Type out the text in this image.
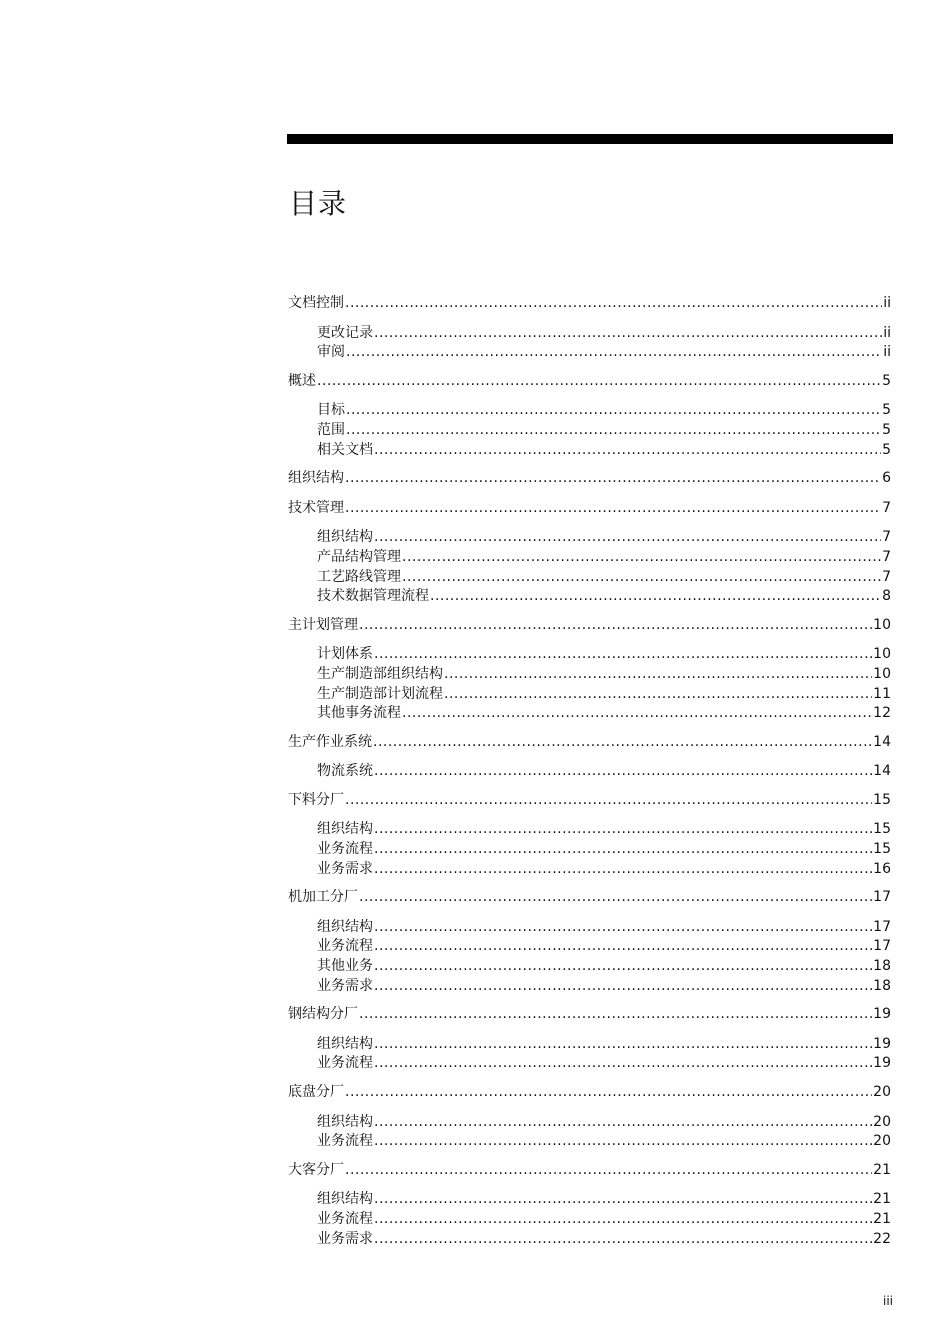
目录
文档控制 .....	ii
更改记录 .....	ii
审阅 .....	ii
概述 .....	5
目标 .....	5
范围 .....	5
相关文档 .....	5
组织结构 .....	6
技术管理 .....	7
组织结构 .....	7
产品结构管理 .....	7
工艺路线管理 .....	7
技术数据管理流程 .....	8
主计划管理 .....	10
计划体系 .....	10
生产制造部组织结构 .....	10
生产制造部计划流程 .....	11
其他事务流程 .....	12
生产作业系统 .....	14
物流系统 .....	14
下料分厂 .....	15
组织结构 .....	15
业务流程 .....	15
业务需求 .....	16
机加工分厂 .....	17
组织结构 .....	17
业务流程 .....	17
其他业务 .....	18
业务需求 .....	18
钢结构分厂 .....	19
组织结构 .....	19
业务流程 .....	19
底盘分厂 .....	20
组织结构 .....	20
业务流程 .....	20
大客分厂 .....	21
组织结构 .....	21
业务流程 .....	21
业务需求 .....	22
iii
